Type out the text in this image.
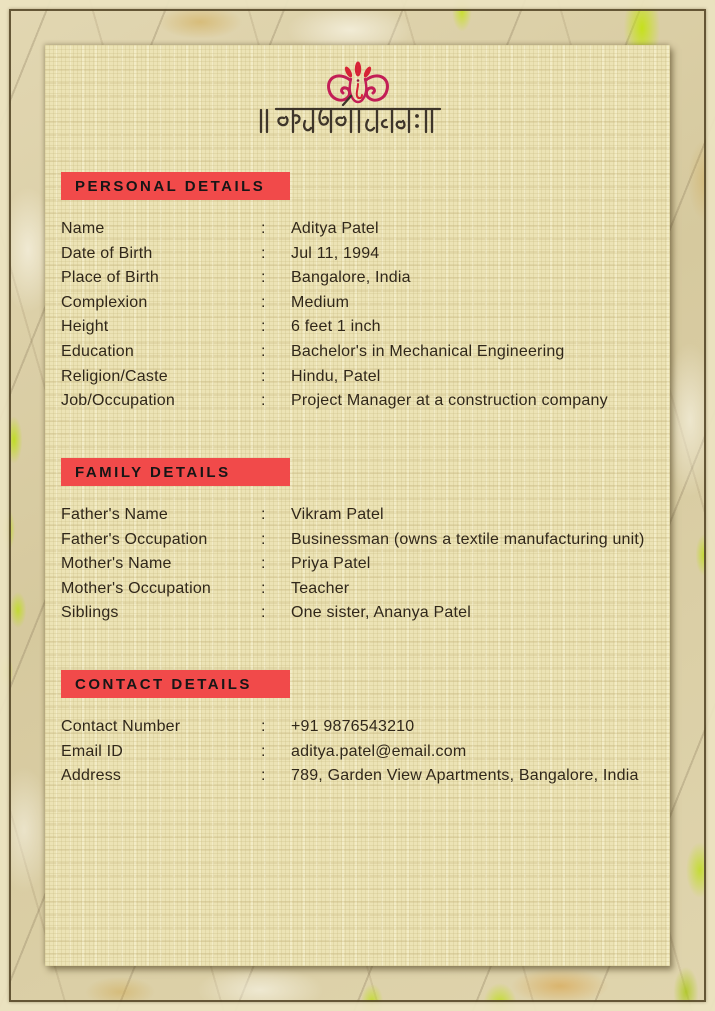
PERSONAL DETAILS
Name	:	Aditya Patel
Date of Birth	:	Jul 11, 1994
Place of Birth	:	Bangalore, India
Complexion	:	Medium
Height	:	6 feet 1 inch
Education	:	Bachelor's in Mechanical Engineering
Religion/Caste	:	Hindu, Patel
Job/Occupation	:	Project Manager at a construction company
FAMILY DETAILS
Father's Name	:	Vikram Patel
Father's Occupation	:	Businessman (owns a textile manufacturing unit)
Mother's Name	:	Priya Patel
Mother's Occupation	:	Teacher
Siblings	:	One sister, Ananya Patel
CONTACT DETAILS
Contact Number	:	+91 9876543210
Email ID	:	aditya.patel@email.com
Address	:	789, Garden View Apartments, Bangalore, India
